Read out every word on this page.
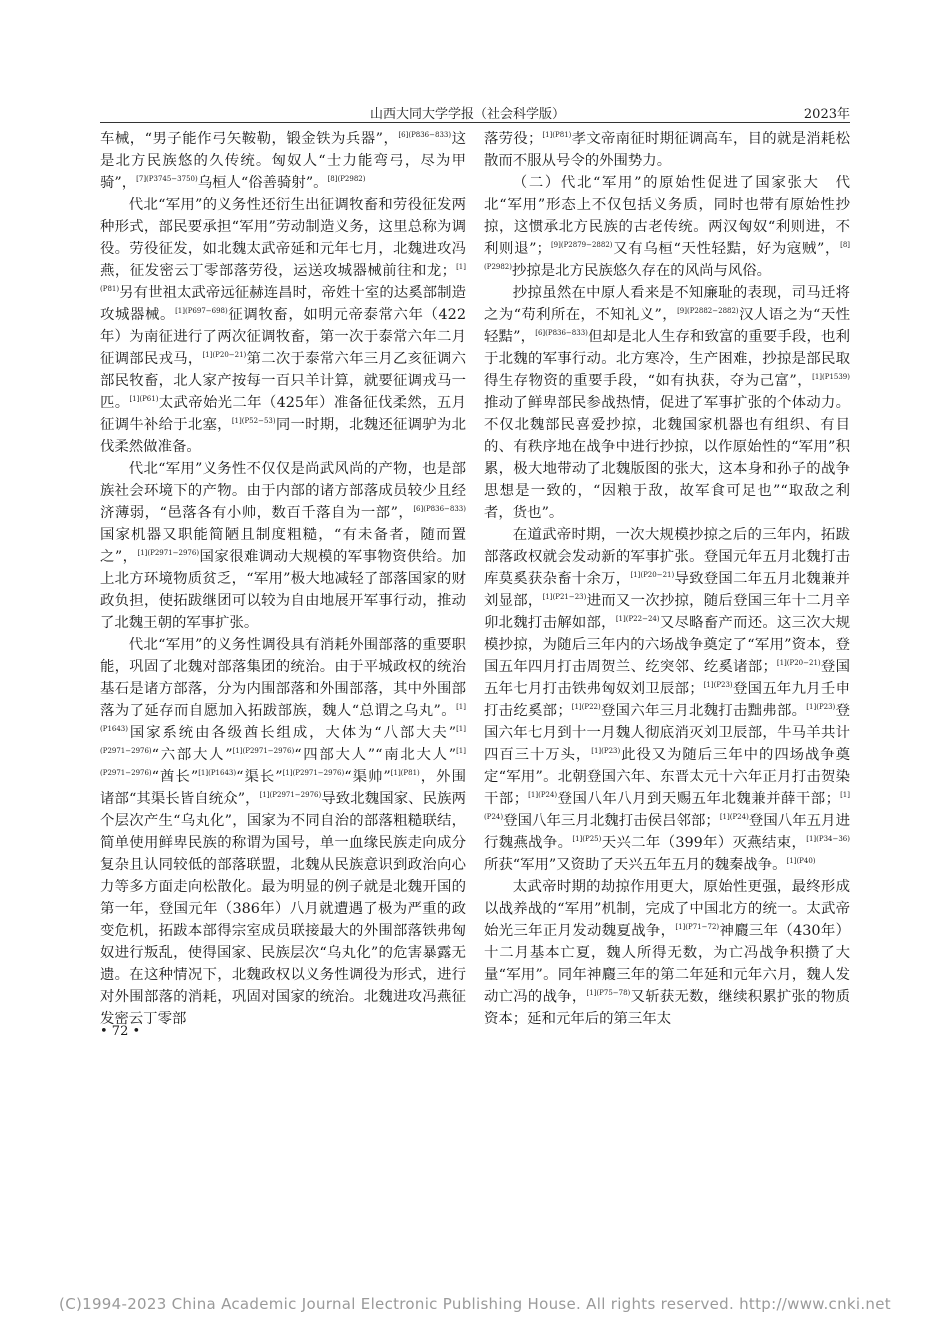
山西大同大学学报（社会科学版）	2023年

车械，“男子能作弓矢鞍勒，锻金铁为兵器”，$^{[6](P836-833)}$这是北方民族悠的久传统。匈奴人“士力能弯弓，尽为甲骑”，$^{[7](P3745-3750)}$乌桓人“俗善骑射”。$^{[8](P2982)}$

代北“军用”的义务性还衍生出征调牧畜和劳役征发两种形式，部民要承担“军用”劳动制造义务，这里总称为调役。劳役征发，如北魏太武帝延和元年七月，北魏进攻冯燕，征发密云丁零部落劳役，运送攻城器械前往和龙；$^{[1](P81)}$另有世祖太武帝远征赫连昌时，帝姓十室的达奚部制造攻城器械。$^{[1](P697-698)}$征调牧畜，如明元帝泰常六年（422年）为南征进行了两次征调牧畜，第一次于泰常六年二月征调部民戎马，$^{[1](P20-21)}$第二次于泰常六年三月乙亥征调六部民牧畜，北人家产按每一百只羊计算，就要征调戎马一匹。$^{[1](P61)}$太武帝始光二年（425年）准备征伐柔然，五月征调牛补给于北塞，$^{[1](P52-53)}$同一时期，北魏还征调驴为北伐柔然做准备。

代北“军用”义务性不仅仅是尚武风尚的产物，也是部族社会环境下的产物。由于内部的诸方部落成员较少且经济薄弱，“邑落各有小帅，数百千落自为一部”，$^{[6](P836-833)}$国家机器又职能简陋且制度粗糙，“有未备者，随而置之”，$^{[1](P2971-2976)}$国家很难调动大规模的军事物资供给。加上北方环境物质贫乏，“军用”极大地减轻了部落国家的财政负担，使拓跋继团可以较为自由地展开军事行动，推动了北魏王朝的军事扩张。

代北“军用”的义务性调役具有消耗外围部落的重要职能，巩固了北魏对部落集团的统治。由于平城政权的统治基石是诸方部落，分为内围部落和外围部落，其中外围部落为了延存而自愿加入拓跋部族，魏人“总谓之乌丸”。$^{[1](P1643)}$国家系统由各级酋长组成，大体为“八部大夫”$^{[1](P2971-2976)}$“六部大人”$^{[1](P2971-2976)}$“四部大人”“南北大人”$^{[1](P2971-2976)}$“酋长”$^{[1](P1643)}$“渠长”$^{[1](P2971-2976)}$“渠帅”$^{[1](P81)}$，外围诸部“其渠长皆自统众”，$^{[1](P2971-2976)}$导致北魏国家、民族两个层次产生“乌丸化”，国家为不同自治的部落粗糙联结，简单使用鲜卑民族的称谓为国号，单一血缘民族走向成分复杂且认同较低的部落联盟，北魏从民族意识到政治向心力等多方面走向松散化。最为明显的例子就是北魏开国的第一年，登国元年（386年）八月就遭遇了极为严重的政变危机，拓跋本部得宗室成员联接最大的外围部落铁弗匈奴进行叛乱，使得国家、民族层次“乌丸化”的危害暴露无遗。在这种情况下，北魏政权以义务性调役为形式，进行对外围部落的消耗，巩固对国家的统治。北魏进攻冯燕征发密云丁零部

落劳役；$^{[1](P81)}$孝文帝南征时期征调高车，目的就是消耗松散而不服从号令的外围势力。

（二）代北“军用”的原始性促进了国家张大　代北“军用”形态上不仅包括义务质，同时也带有原始性抄掠，这惯承北方民族的古老传统。两汉匈奴“利则进，不利则退”；$^{[9](P2879-2882)}$又有乌桓“天性轻黠，好为寇贼”，$^{[8](P2982)}$抄掠是北方民族悠久存在的风尚与风俗。

抄掠虽然在中原人看来是不知廉耻的表现，司马迁将之为“苟利所在，不知礼义”，$^{[9](P2882-2882)}$汉人语之为“天性轻黠”，$^{[6](P836-833)}$但却是北人生存和致富的重要手段，也利于北魏的军事行动。北方寒冷，生产困难，抄掠是部民取得生存物资的重要手段，“如有执获，夺为己富”，$^{[1](P1539)}$推动了鲜卑部民参战热情，促进了军事扩张的个体动力。不仅北魏部民喜爱抄掠，北魏国家机器也有组织、有目的、有秩序地在战争中进行抄掠，以作原始性的“军用”积累，极大地带动了北魏版图的张大，这本身和孙子的战争思想是一致的，“因粮于敌，故军食可足也”“取敌之利者，货也”。

在道武帝时期，一次大规模抄掠之后的三年内，拓跋部落政权就会发动新的军事扩张。登国元年五月北魏打击库莫奚获杂畜十余万，$^{[1](P20-21)}$导致登国二年五月北魏兼并刘显部，$^{[1](P21-23)}$进而又一次抄掠，随后登国三年十二月辛卯北魏打击解如部，$^{[1](P22-24)}$又尽略畜产而还。这三次大规模抄掠，为随后三年内的六场战争奠定了“军用”资本，登国五年四月打击周贺兰、纥突邻、纥奚诸部；$^{[1](P20-21)}$登国五年七月打击铁弗匈奴刘卫辰部；$^{[1](P23)}$登国五年九月壬申打击纥奚部；$^{[1](P22)}$登国六年三月北魏打击黜弗部。$^{[1](P23)}$登国六年七月到十一月魏人彻底消灭刘卫辰部，牛马羊共计四百三十万头，$^{[1](P23)}$此役又为随后三年中的四场战争奠定“军用”。北朝登国六年、东晋太元十六年正月打击贺染干部；$^{[1](P24)}$登国八年八月到天赐五年北魏兼并薛干部；$^{[1](P24)}$登国八年三月北魏打击侯吕邻部；$^{[1](P24)}$登国八年五月进行魏燕战争。$^{[1](P25)}$天兴二年（399年）灭燕结束，$^{[1](P34-36)}$所获“军用”又资助了天兴五年五月的魏秦战争。$^{[1](P40)}$

太武帝时期的劫掠作用更大，原始性更强，最终形成以战养战的“军用”机制，完成了中国北方的统一。太武帝始光三年正月发动魏夏战争，$^{[1](P71-72)}$神麚三年（430年）十二月基本亡夏，魏人所得无数，为亡冯战争积攒了大量“军用”。同年神麚三年的第二年延和元年六月，魏人发动亡冯的战争，$^{[1](P75-78)}$又斩获无数，继续积累扩张的物质资本；延和元年后的第三年太

• 72 •
(C)1994-2023 China Academic Journal Electronic Publishing House. All rights reserved. http://www.cnki.net
